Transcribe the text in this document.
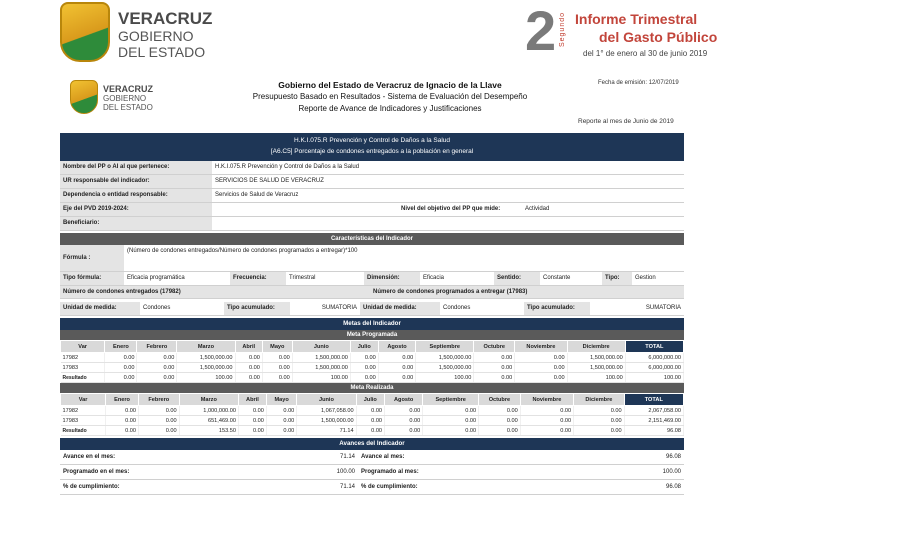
VERACRUZ
GOBIERNO
DEL ESTADO	2 Segundo Informe Trimestral
del Gasto Público
del 1° de enero al 30 de junio 2019
VERACRUZ
GOBIERNO
DEL ESTADO
Gobierno del Estado de Veracruz de Ignacio de la Llave
Presupuesto Basado en Resultados - Sistema de Evaluación del Desempeño
Reporte de Avance de Indicadores y Justificaciones
Fecha de emisión: 12/07/2019
Reporte al mes de Junio de 2019
H.K.I.075.R Prevención y Control de Daños a la Salud
[A6.C5] Porcentaje de condones entregados a la población en general
Nombre del PP o AI al que pertenece:	H.K.I.075.R Prevención y Control de Daños a la Salud
UR responsable del indicador:	SERVICIOS DE SALUD DE VERACRUZ
Dependencia o entidad responsable:	Servicios de Salud de Veracruz
Eje del PVD 2019-2024:	Nivel del objetivo del PP que mide:	Actividad
Beneficiario:
Características del Indicador
Fórmula :
(Número de condones entregados/Número de condones programados a entregar)*100
Tipo fórmula:	Eficacia programática	Frecuencia:	Trimestral	Dimensión:	Eficacia	Sentido:	Constante	Tipo:	Gestion
Número de condones entregados (17982)	Número de condones programados a entregar (17983)
Unidad de medida:	Condones	Tipo acumulado:	SUMATORIA	Unidad de medida:	Condones	Tipo acumulado:	SUMATORIA
Metas del Indicador
Meta Programada
Var	Enero	Febrero	Marzo	Abril	Mayo	Junio	Julio	Agosto	Septiembre	Octubre	Noviembre	Diciembre	TOTAL
17982	0.00	0.00	1,500,000.00	0.00	0.00	1,500,000.00	0.00	0.00	1,500,000.00	0.00	0.00	1,500,000.00	6,000,000.00
17983	0.00	0.00	1,500,000.00	0.00	0.00	1,500,000.00	0.00	0.00	1,500,000.00	0.00	0.00	1,500,000.00	6,000,000.00
Resultado	0.00	0.00	100.00	0.00	0.00	100.00	0.00	0.00	100.00	0.00	0.00	100.00	100.00
Meta Realizada
Var	Enero	Febrero	Marzo	Abril	Mayo	Junio	Julio	Agosto	Septiembre	Octubre	Noviembre	Diciembre	TOTAL
17982	0.00	0.00	1,000,000.00	0.00	0.00	1,067,058.00	0.00	0.00	0.00	0.00	0.00	0.00	2,067,058.00
17983	0.00	0.00	651,469.00	0.00	0.00	1,500,000.00	0.00	0.00	0.00	0.00	0.00	0.00	2,151,469.00
Resultado	0.00	0.00	153.50	0.00	0.00	71.14	0.00	0.00	0.00	0.00	0.00	0.00	96.08
Avances del Indicador
Avance en el mes:	71.14	Avance al mes:	96.08
Programado en el mes:	100.00	Programado al mes:	100.00
% de cumplimiento:	71.14	% de cumplimiento:	96.08
